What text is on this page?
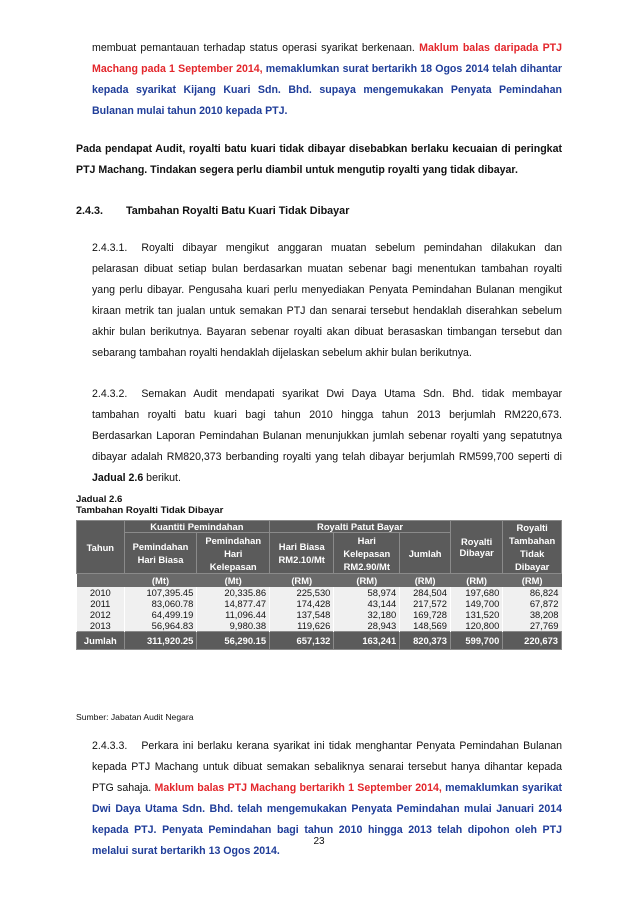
membuat pemantauan terhadap status operasi syarikat berkenaan. Maklum balas daripada PTJ Machang pada 1 September 2014, memaklumkan surat bertarikh 18 Ogos 2014 telah dihantar kepada syarikat Kijang Kuari Sdn. Bhd. supaya mengemukakan Penyata Pemindahan Bulanan mulai tahun 2010 kepada PTJ.

Pada pendapat Audit, royalti batu kuari tidak dibayar disebabkan berlaku kecuaian di peringkat PTJ Machang. Tindakan segera perlu diambil untuk mengutip royalti yang tidak dibayar.

2.4.3. Tambahan Royalti Batu Kuari Tidak Dibayar

2.4.3.1. Royalti dibayar mengikut anggaran muatan sebelum pemindahan dilakukan dan pelarasan dibuat setiap bulan berdasarkan muatan sebenar bagi menentukan tambahan royalti yang perlu dibayar. Pengusaha kuari perlu menyediakan Penyata Pemindahan Bulanan mengikut kiraan metrik tan jualan untuk semakan PTJ dan senarai tersebut hendaklah diserahkan sebelum akhir bulan berikutnya. Bayaran sebenar royalti akan dibuat berasaskan timbangan tersebut dan sebarang tambahan royalti hendaklah dijelaskan sebelum akhir bulan berikutnya.

2.4.3.2. Semakan Audit mendapati syarikat Dwi Daya Utama Sdn. Bhd. tidak membayar tambahan royalti batu kuari bagi tahun 2010 hingga tahun 2013 berjumlah RM220,673. Berdasarkan Laporan Pemindahan Bulanan menunjukkan jumlah sebenar royalti yang sepatutnya dibayar adalah RM820,373 berbanding royalti yang telah dibayar berjumlah RM599,700 seperti di Jadual 2.6 berikut.

Jadual 2.6
Tambahan Royalti Tidak Dibayar
Tahun	Kuantiti Pemindahan		Royalti Patut Bayar			Royalti Dibayar	Royalti Tambahan Tidak Dibayar
	Pemindahan Hari Biasa	Pemindahan Hari Kelepasan	Hari Biasa RM2.10/Mt	Hari Kelepasan RM2.90/Mt	Jumlah		

	(Mt)	(Mt)	(RM)	(RM)	(RM)	(RM)	(RM)
2010	107,395.45	20,335.86	225,530	58,974	284,504	197,680	86,824
2011	83,060.78	14,877.47	174,428	43,144	217,572	149,700	67,872
2012	64,499.19	11,096.44	137,548	32,180	169,728	131,520	38,208
2013	56,964.83	9,980.38	119,626	28,943	148,569	120,800	27,769
Jumlah	311,920.25	56,290.15	657,132	163,241	820,373	599,700	220,673
Sumber: Jabatan Audit Negara

2.4.3.3. Perkara ini berlaku kerana syarikat ini tidak menghantar Penyata Pemindahan Bulanan kepada PTJ Machang untuk dibuat semakan sebaliknya senarai tersebut hanya dihantar kepada PTG sahaja. Maklum balas PTJ Machang bertarikh 1 September 2014, memaklumkan syarikat Dwi Daya Utama Sdn. Bhd. telah mengemukakan Penyata Pemindahan mulai Januari 2014 kepada PTJ. Penyata Pemindahan bagi tahun 2010 hingga 2013 telah dipohon oleh PTJ melalui surat bertarikh 13 Ogos 2014.

23
